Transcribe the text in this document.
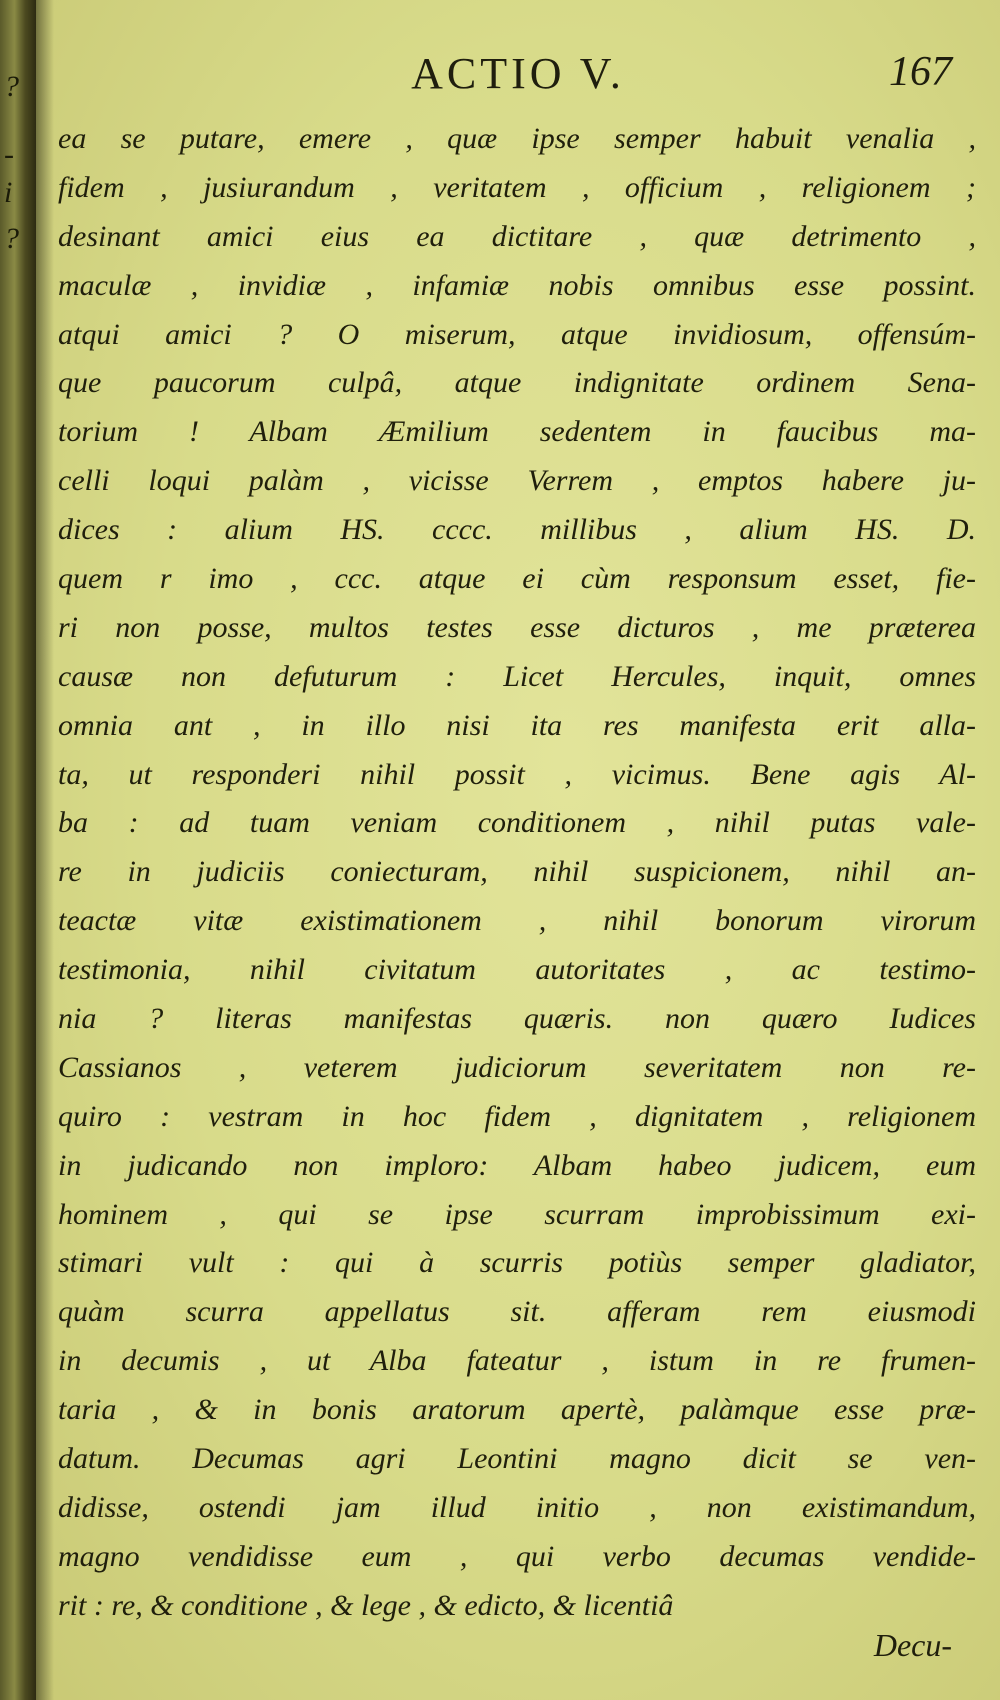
?
-
i
?
ACTIO V.	167
ea se putare, emere , quæ ipse semper habuit venalia ,
fidem , jusiurandum , veritatem , officium , religionem ;
desinant amici eius ea dictitare , quæ detrimento ,
maculæ , invidiæ , infamiæ nobis omnibus esse possint.
atqui amici ? O miserum, atque invidiosum, offensúm-
que paucorum culpâ, atque indignitate ordinem Sena-
torium ! Albam Æmilium sedentem in faucibus ma-
celli loqui palàm , vicisse Verrem , emptos habere ju-
dices : alium HS. cccc. millibus , alium HS. D.
quem r imo , ccc. atque ei cùm responsum esset, fie-
ri non posse, multos testes esse dicturos , me præterea
causæ non defuturum : Licet Hercules, inquit, omnes
omnia ant , in illo nisi ita res manifesta erit alla-
ta, ut responderi nihil possit , vicimus. Bene agis Al-
ba : ad tuam veniam conditionem , nihil putas vale-
re in judiciis coniecturam, nihil suspicionem, nihil an-
teactæ vitæ existimationem , nihil bonorum virorum
testimonia, nihil civitatum autoritates , ac testimo-
nia ? literas manifestas quæris. non quæro Iudices
Cassianos , veterem judiciorum severitatem non re-
quiro : vestram in hoc fidem , dignitatem , religionem
in judicando non imploro: Albam habeo judicem, eum
hominem , qui se ipse scurram improbissimum exi-
stimari vult : qui à scurris potiùs semper gladiator,
quàm scurra appellatus sit. afferam rem eiusmodi
in decumis , ut Alba fateatur , istum in re frumen-
taria , & in bonis aratorum apertè, palàmque esse præ-
datum. Decumas agri Leontini magno dicit se ven-
didisse, ostendi jam illud initio , non existimandum,
magno vendidisse eum , qui verbo decumas vendide-
rit : re, & conditione , & lege , & edicto, & licentiâ
Decu-
